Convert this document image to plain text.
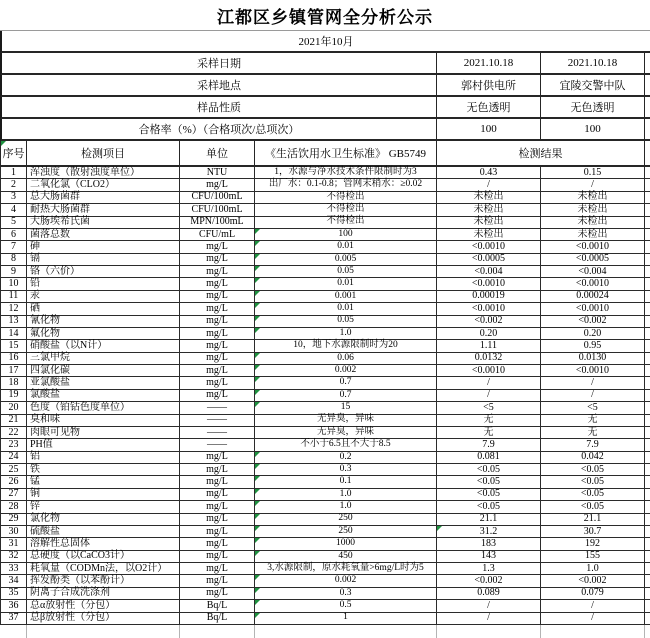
江都区乡镇管网全分析公示
2021年10月
采样日期	2021.10.18	2021.10.18
采样地点	郭村供电所	宜陵交警中队
样品性质	无色透明	无色透明
合格率（%）（合格项次/总项次）	100	100
序号	检测项目	单位	《生活饮用水卫生标准》 GB5749	检测结果
1	浑浊度（散射浊度单位）	NTU	1，水源与净水技术条件限制时为3	0.43	0.15
2	二氧化氯（CLO2）	mg/L	出厂水：0.1-0.8；管网末稍水：≥0.02	/	/
3	总大肠菌群	CFU/100mL	不得检出	未检出	未检出
4	耐热大肠菌群	CFU/100mL	不得检出	未检出	未检出
5	大肠埃希氏菌	MPN/100mL	不得检出	未检出	未检出
6	菌落总数	CFU/mL	100	未检出	未检出
7	砷	mg/L	0.01	<0.0010	<0.0010
8	镉	mg/L	0.005	<0.0005	<0.0005
9	铬（六价）	mg/L	0.05	<0.004	<0.004
10	铅	mg/L	0.01	<0.0010	<0.0010
11	汞	mg/L	0.001	0.00019	0.00024
12	硒	mg/L	0.01	<0.0010	<0.0010
13	氰化物	mg/L	0.05	<0.002	<0.002
14	氟化物	mg/L	1.0	0.20	0.20
15	硝酸盐（以N计）	mg/L	10，地下水源限制时为20	1.11	0.95
16	三氯甲烷	mg/L	0.06	0.0132	0.0130
17	四氯化碳	mg/L	0.002	<0.0010	<0.0010
18	亚氯酸盐	mg/L	0.7	/	/
19	氯酸盐	mg/L	0.7	/	/
20	色度（铂钴色度单位）	——	15	<5	<5
21	臭和味	——	无异臭，异味	无	无
22	肉眼可见物	——	无异臭，异味	无	无
23	PH值	——	不小于6.5且不大于8.5	7.9	7.9
24	铝	mg/L	0.2	0.081	0.042
25	铁	mg/L	0.3	<0.05	<0.05
26	锰	mg/L	0.1	<0.05	<0.05
27	铜	mg/L	1.0	<0.05	<0.05
28	锌	mg/L	1.0	<0.05	<0.05
29	氯化物	mg/L	250	21.1	21.1
30	硫酸盐	mg/L	250	31.2	30.7
31	溶解性总固体	mg/L	1000	183	192
32	总硬度（以CaCO3计）	mg/L	450	143	155
33	耗氧量（CODMn法，以O2计）	mg/L	3,水源限制，原水耗氧量>6mg/L时为5	1.3	1.0
34	挥发酚类（以苯酚计）	mg/L	0.002	<0.002	<0.002
35	阴离子合成洗涤剂	mg/L	0.3	0.089	0.079
36	总α放射性（分包）	Bq/L	0.5	/	/
37	总β放射性（分包）	Bq/L	1	/	/
